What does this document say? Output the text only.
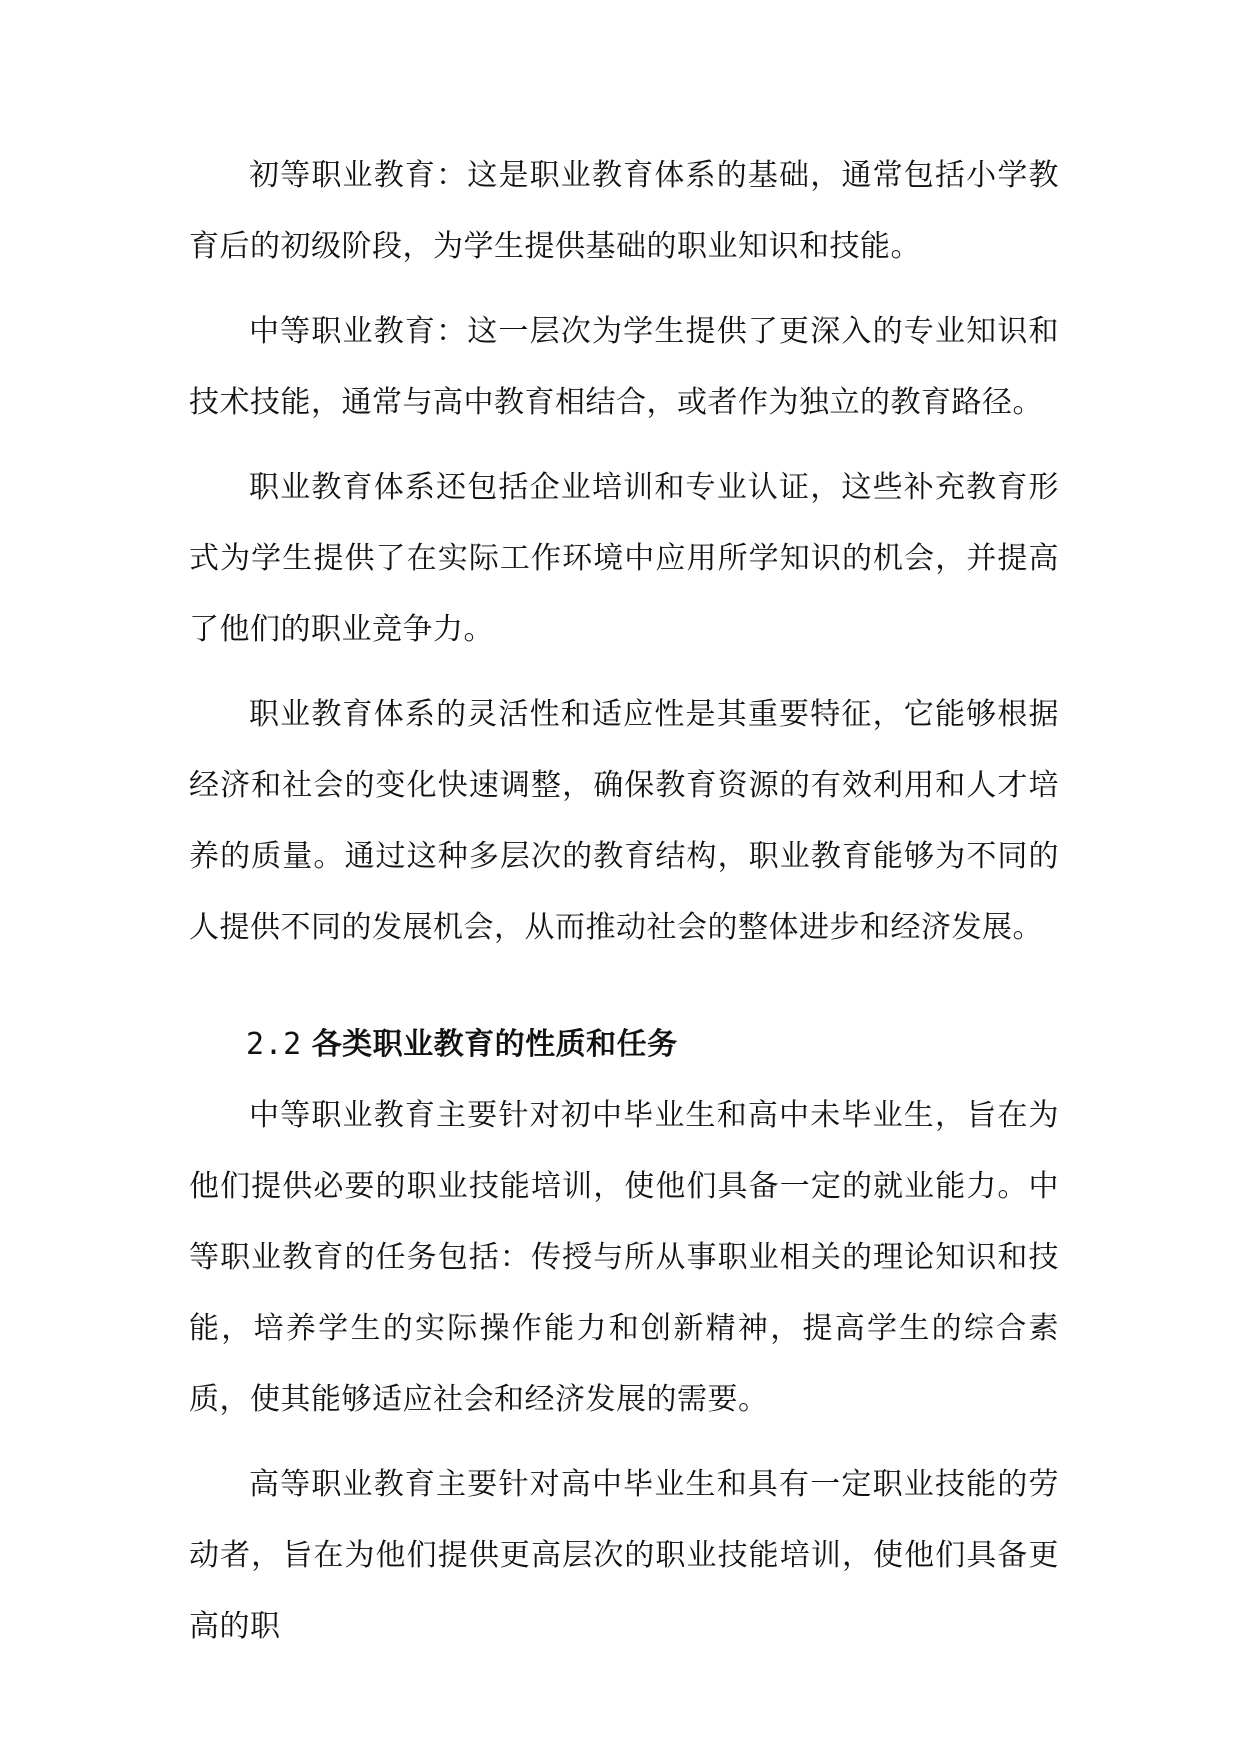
初等职业教育：这是职业教育体系的基础，通常包括小学教育后的初级阶段，为学生提供基础的职业知识和技能。

中等职业教育：这一层次为学生提供了更深入的专业知识和技术技能，通常与高中教育相结合，或者作为独立的教育路径。

职业教育体系还包括企业培训和专业认证，这些补充教育形式为学生提供了在实际工作环境中应用所学知识的机会，并提高了他们的职业竞争力。

职业教育体系的灵活性和适应性是其重要特征，它能够根据经济和社会的变化快速调整，确保教育资源的有效利用和人才培养的质量。通过这种多层次的教育结构，职业教育能够为不同的人提供不同的发展机会，从而推动社会的整体进步和经济发展。

2.2 各类职业教育的性质和任务

中等职业教育主要针对初中毕业生和高中未毕业生，旨在为他们提供必要的职业技能培训，使他们具备一定的就业能力。中等职业教育的任务包括：传授与所从事职业相关的理论知识和技能，培养学生的实际操作能力和创新精神，提高学生的综合素质，使其能够适应社会和经济发展的需要。

高等职业教育主要针对高中毕业生和具有一定职业技能的劳动者，旨在为他们提供更高层次的职业技能培训，使他们具备更高的职
